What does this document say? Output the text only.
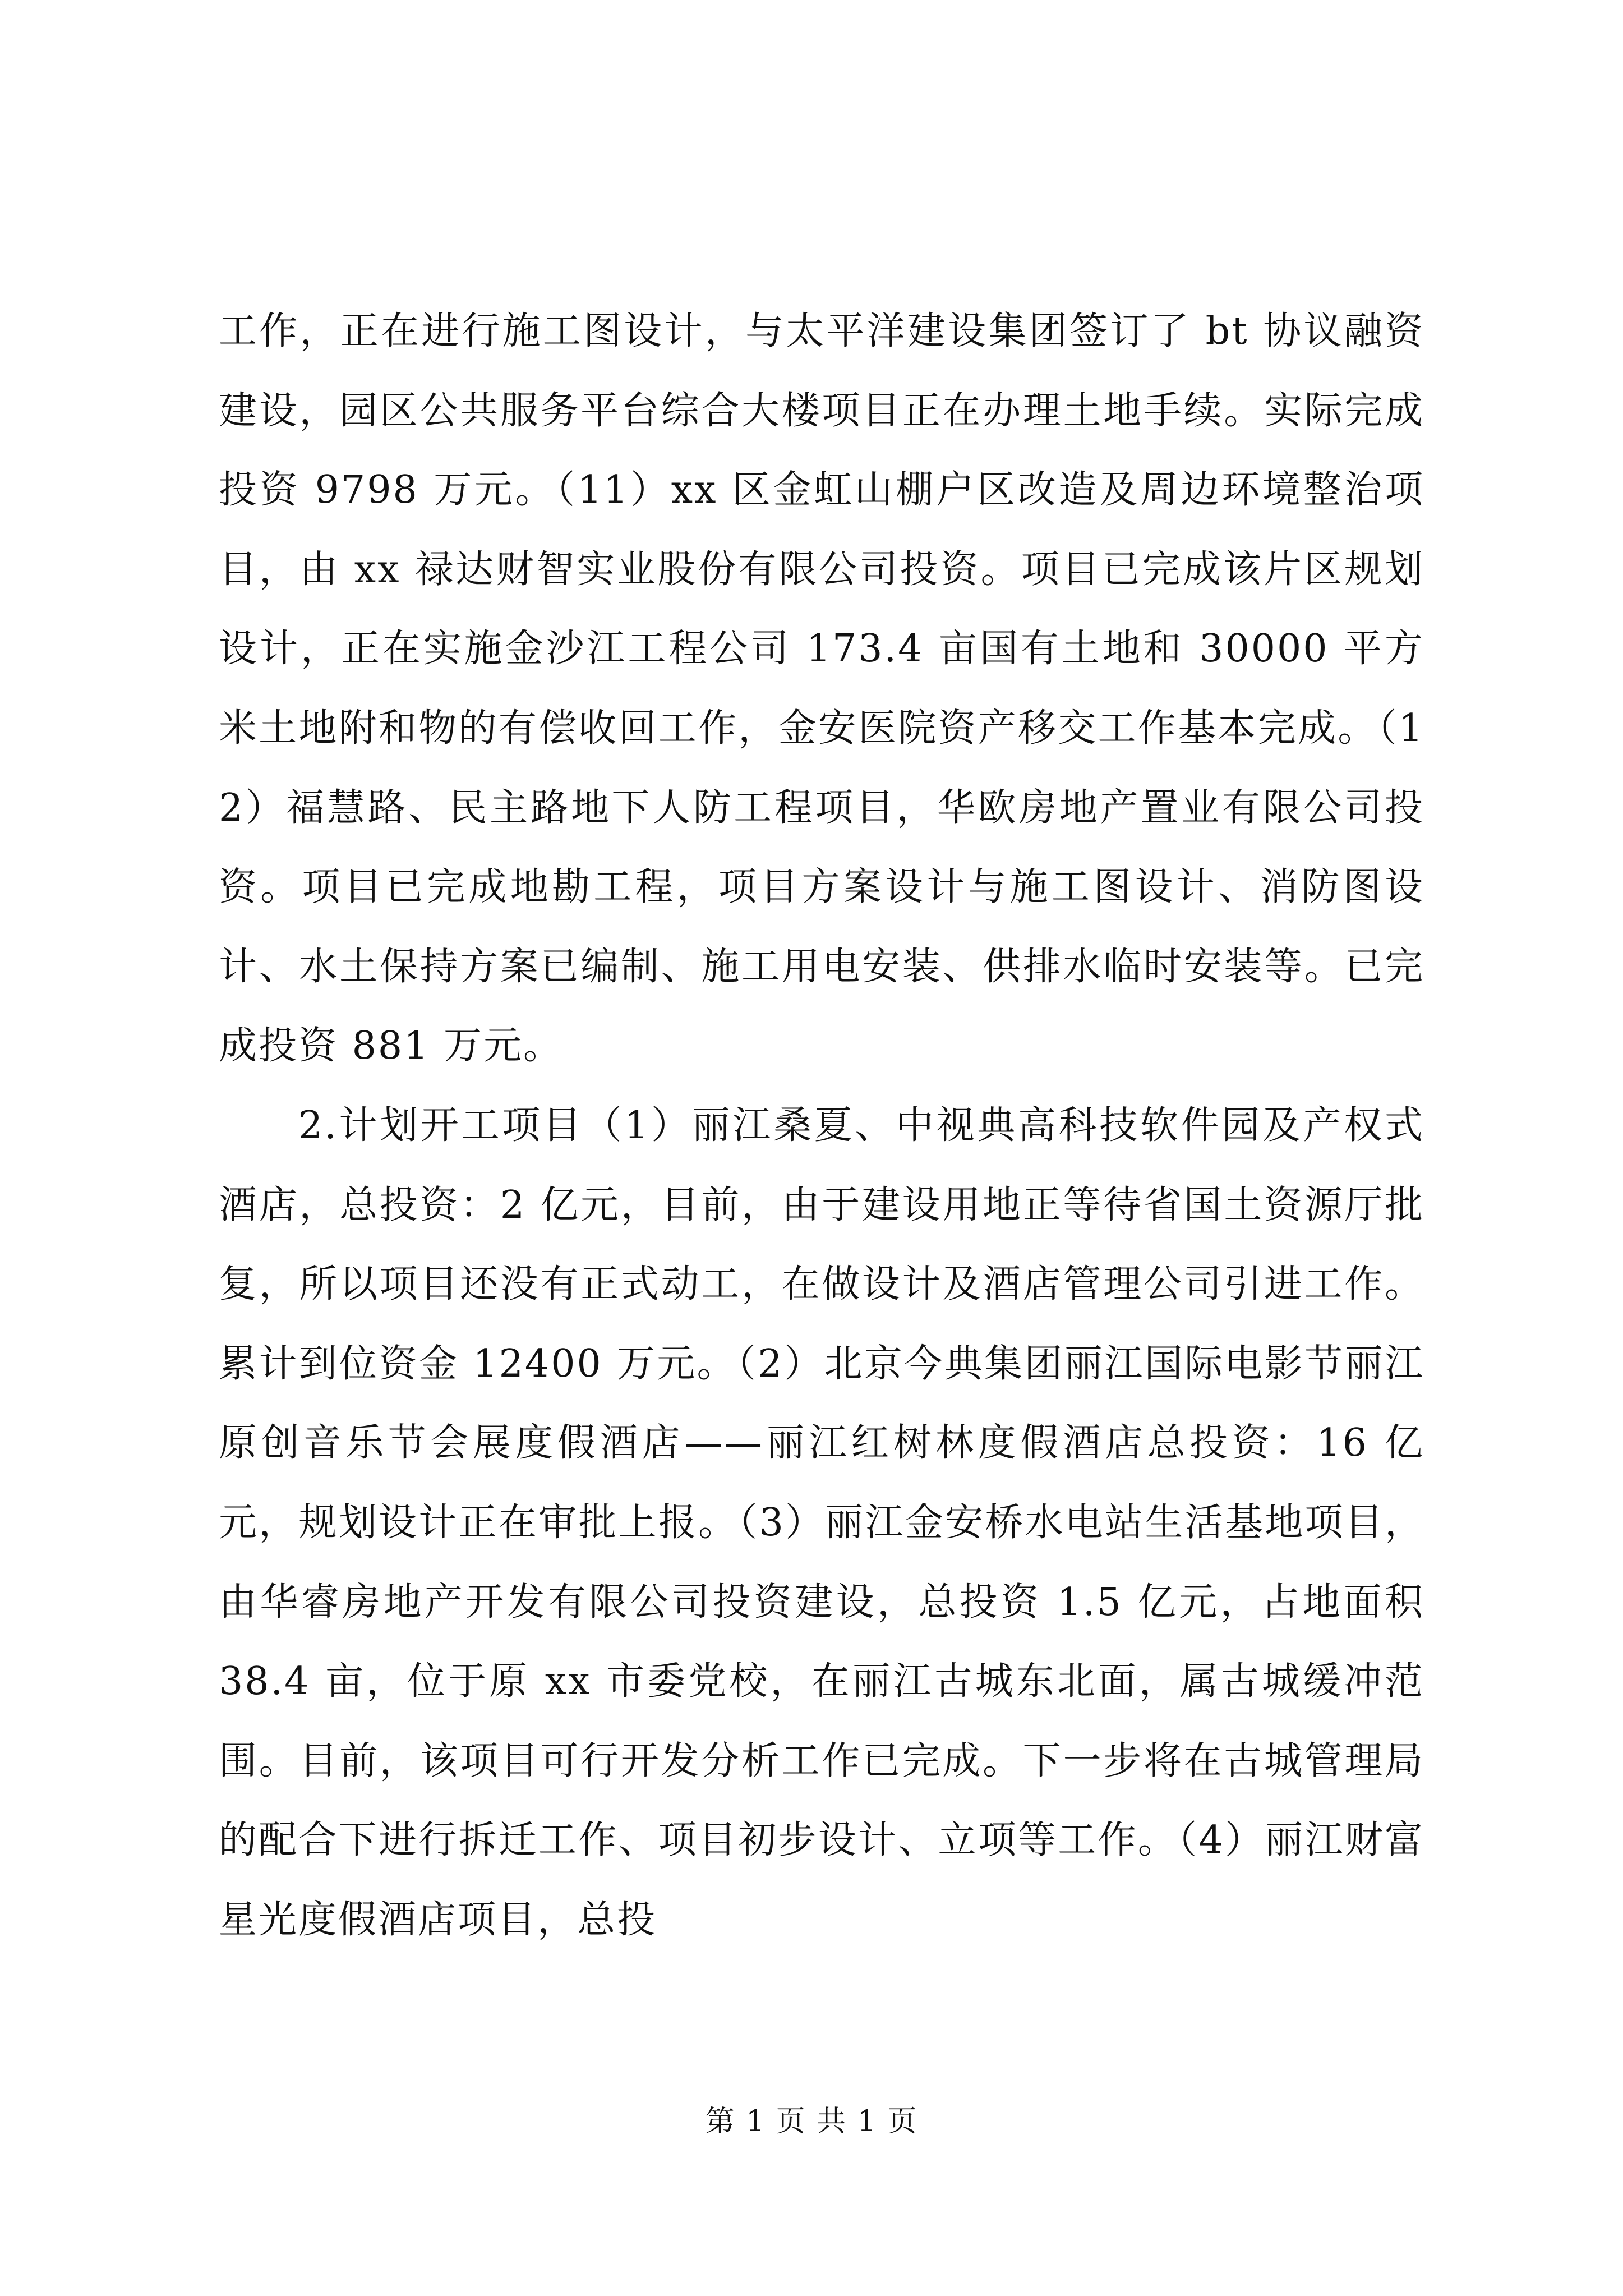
工作，正在进行施工图设计，与太平洋建设集团签订了 bt 协议融资建设，园区公共服务平台综合大楼项目正在办理土地手续。实际完成投资 9798 万元。（11）xx 区金虹山棚户区改造及周边环境整治项目，由 xx 禄达财智实业股份有限公司投资。项目已完成该片区规划设计，正在实施金沙江工程公司 173.4 亩国有土地和 30000 平方米土地附和物的有偿收回工作，金安医院资产移交工作基本完成。（12）福慧路、民主路地下人防工程项目，华欧房地产置业有限公司投资。项目已完成地勘工程，项目方案设计与施工图设计、消防图设计、水土保持方案已编制、施工用电安装、供排水临时安装等。已完成投资 881 万元。

2.计划开工项目（1）丽江桑夏、中视典高科技软件园及产权式酒店，总投资：2 亿元，目前，由于建设用地正等待省国土资源厅批复，所以项目还没有正式动工，在做设计及酒店管理公司引进工作。累计到位资金 12400 万元。（2）北京今典集团丽江国际电影节丽江原创音乐节会展度假酒店——丽江红树林度假酒店总投资：16 亿元，规划设计正在审批上报。（3）丽江金安桥水电站生活基地项目，由华睿房地产开发有限公司投资建设，总投资 1.5 亿元，占地面积 38.4 亩，位于原 xx 市委党校，在丽江古城东北面，属古城缓冲范围。目前，该项目可行开发分析工作已完成。下一步将在古城管理局的配合下进行拆迁工作、项目初步设计、立项等工作。（4）丽江财富星光度假酒店项目，总投

第 1 页 共 1 页
